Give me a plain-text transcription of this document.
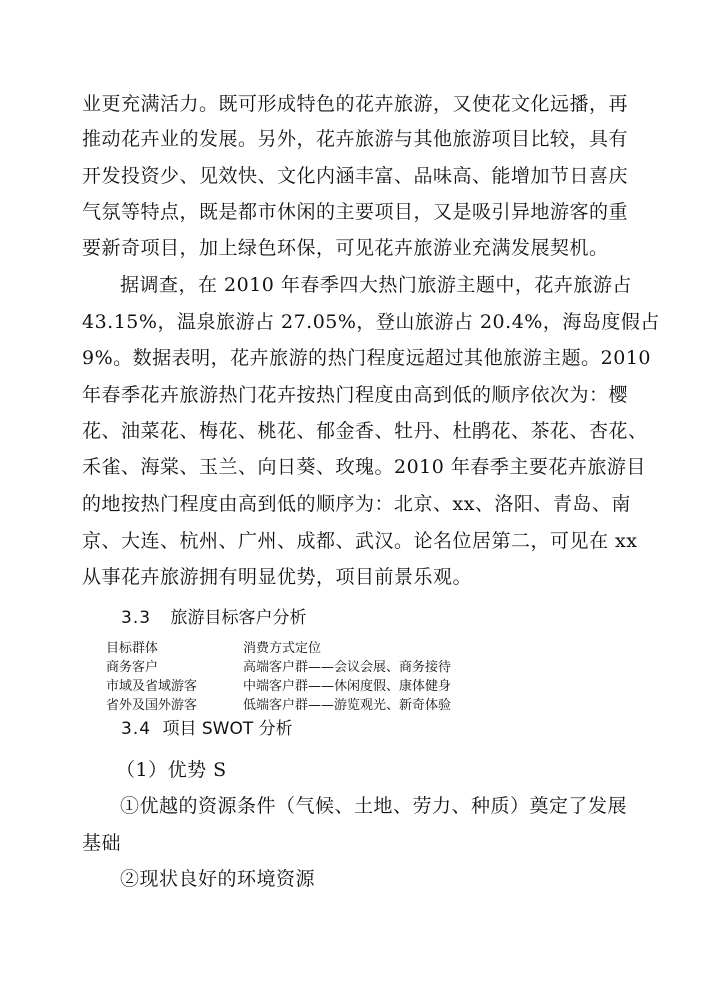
业更充满活力。既可形成特色的花卉旅游，又使花文化远播，再
推动花卉业的发展。另外，花卉旅游与其他旅游项目比较，具有
开发投资少、见效快、文化内涵丰富、品味高、能增加节日喜庆
气氛等特点，既是都市休闲的主要项目，又是吸引异地游客的重
要新奇项目，加上绿色环保，可见花卉旅游业充满发展契机。
据调查，在 2010 年春季四大热门旅游主题中，花卉旅游占
43.15%，温泉旅游占 27.05%，登山旅游占 20.4%，海岛度假占
9%。数据表明，花卉旅游的热门程度远超过其他旅游主题。2010
年春季花卉旅游热门花卉按热门程度由高到低的顺序依次为：樱
花、油菜花、梅花、桃花、郁金香、牡丹、杜鹃花、茶花、杏花、
禾雀、海棠、玉兰、向日葵、玫瑰。2010 年春季主要花卉旅游目
的地按热门程度由高到低的顺序为：北京、xx、洛阳、青岛、南
京、大连、杭州、广州、成都、武汉。论名位居第二，可见在 xx
从事花卉旅游拥有明显优势，项目前景乐观。
3.3 旅游目标客户分析
目标群体	消费方式定位
商务客户	高端客户群——会议会展、商务接待
市域及省域游客	中端客户群——休闲度假、康体健身
省外及国外游客	低端客户群——游览观光、新奇体验
3.4 项目 SWOT 分析
（1）优势 S
①优越的资源条件（气候、土地、劳力、种质）奠定了发展
基础
②现状良好的环境资源
